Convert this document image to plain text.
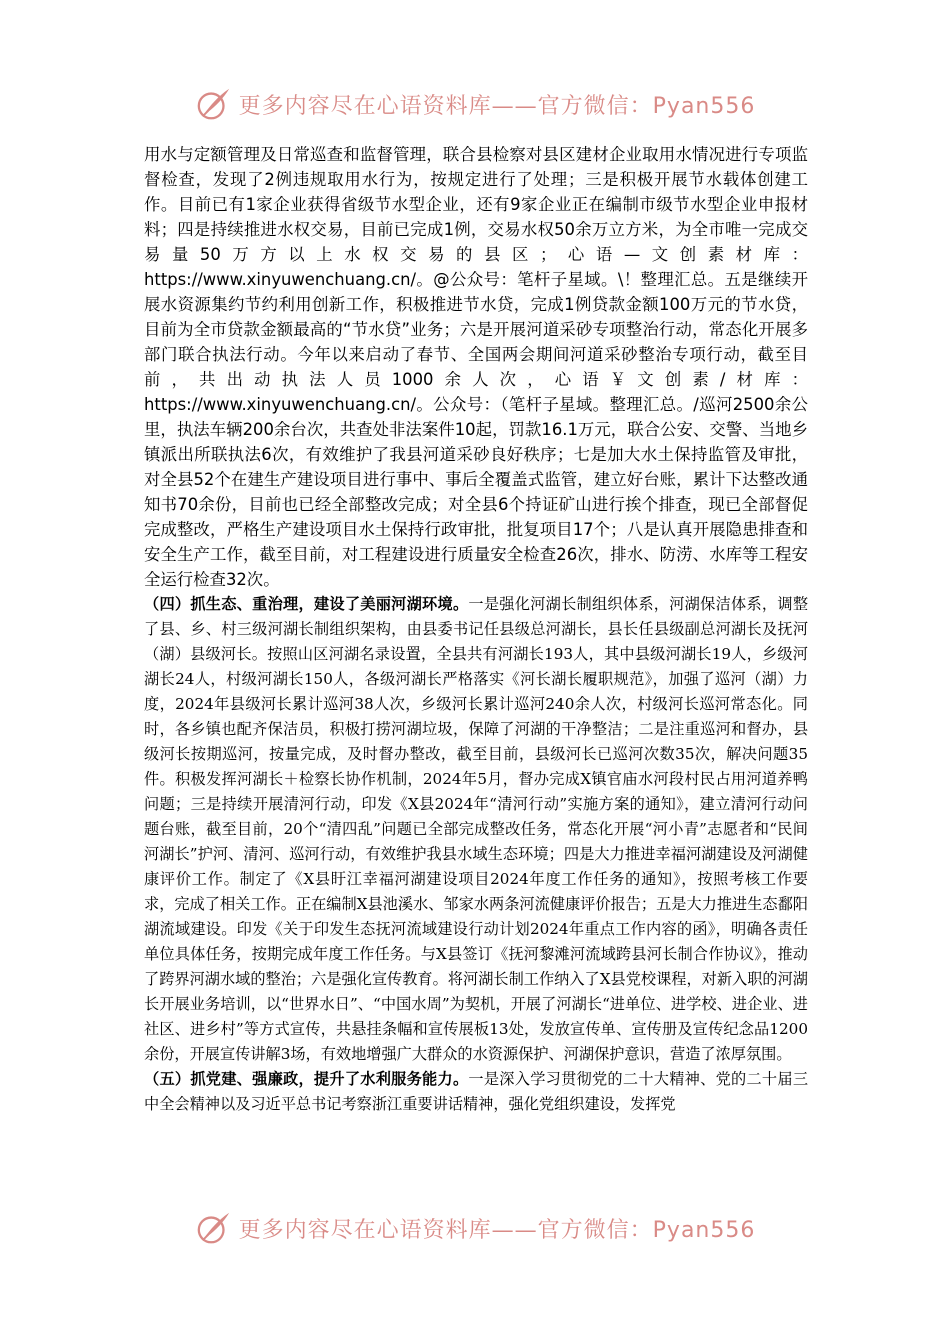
更多内容尽在心语资料库——官方微信：Pyan556

用水与定额管理及日常巡查和监督管理，联合县检察对县区建材企业取用水情况进行专项监督检查，发现了2例违规取用水行为，按规定进行了处理；三是积极开展节水载体创建工作。目前已有1家企业获得省级节水型企业，还有9家企业正在编制市级节水型企业申报材料；四是持续推进水权交易，目前已完成1例，交易水权50余万立方米，为全市唯一完成交易量50万方以上水权交易的县区；心语—文创素材库：https://www.xinyuwenchuang.cn/。@公众号：笔杆子星域。\！整理汇总。五是继续开展水资源集约节约利用创新工作，积极推进节水贷，完成1例贷款金额100万元的节水贷，目前为全市贷款金额最高的“节水贷”业务；六是开展河道采砂专项整治行动，常态化开展多部门联合执法行动。今年以来启动了春节、全国两会期间河道采砂整治专项行动，截至目前，共出动执法人员1000余人次，心语￥文创素/材库：https://www.xinyuwenchuang.cn/。公众号：（笔杆子星域。整理汇总。/巡河2500余公里，执法车辆200余台次，共查处非法案件10起，罚款16.1万元，联合公安、交警、当地乡镇派出所联执法6次，有效维护了我县河道采砂良好秩序；七是加大水土保持监管及审批，对全县52个在建生产建设项目进行事中、事后全覆盖式监管，建立好台账，累计下达整改通知书70余份，目前也已经全部整改完成；对全县6个持证矿山进行挨个排查，现已全部督促完成整改，严格生产建设项目水土保持行政审批，批复项目17个；八是认真开展隐患排查和安全生产工作，截至目前，对工程建设进行质量安全检查26次，排水、防涝、水库等工程安全运行检查32次。

（四）抓生态、重治理，建设了美丽河湖环境。一是强化河湖长制组织体系，河湖保洁体系，调整了县、乡、村三级河湖长制组织架构，由县委书记任县级总河湖长，县长任县级副总河湖长及抚河（湖）县级河长。按照山区河湖名录设置，全县共有河湖长193人，其中县级河湖长19人，乡级河湖长24人，村级河湖长150人，各级河湖长严格落实《河长湖长履职规范》，加强了巡河（湖）力度，2024年县级河长累计巡河38人次，乡级河长累计巡河240余人次，村级河长巡河常态化。同时，各乡镇也配齐保洁员，积极打捞河湖垃圾，保障了河湖的干净整洁；二是注重巡河和督办，县级河长按期巡河，按量完成，及时督办整改，截至目前，县级河长已巡河次数35次，解决问题35件。积极发挥河湖长＋检察长协作机制，2024年5月，督办完成X镇官庙水河段村民占用河道养鸭问题；三是持续开展清河行动，印发《X县2024年“清河行动”实施方案的通知》，建立清河行动问题台账，截至目前，20个“清四乱”问题已全部完成整改任务，常态化开展“河小青”志愿者和“民间河湖长”护河、清河、巡河行动，有效维护我县水域生态环境；四是大力推进幸福河湖建设及河湖健康评价工作。制定了《X县盱江幸福河湖建设项目2024年度工作任务的通知》，按照考核工作要求，完成了相关工作。正在编制X县池溪水、邹家水两条河流健康评价报告；五是大力推进生态鄱阳湖流域建设。印发《关于印发生态抚河流域建设行动计划2024年重点工作内容的函》，明确各责任单位具体任务，按期完成年度工作任务。与X县签订《抚河黎滩河流域跨县河长制合作协议》，推动了跨界河湖水域的整治；六是强化宣传教育。将河湖长制工作纳入了X县党校课程，对新入职的河湖长开展业务培训，以“世界水日”、“中国水周”为契机，开展了河湖长“进单位、进学校、进企业、进社区、进乡村”等方式宣传，共悬挂条幅和宣传展板13处，发放宣传单、宣传册及宣传纪念品1200余份，开展宣传讲解3场，有效地增强广大群众的水资源保护、河湖保护意识，营造了浓厚氛围。

（五）抓党建、强廉政，提升了水利服务能力。一是深入学习贯彻党的二十大精神、党的二十届三中全会精神以及习近平总书记考察浙江重要讲话精神，强化党组织建设，发挥党

更多内容尽在心语资料库——官方微信：Pyan556
